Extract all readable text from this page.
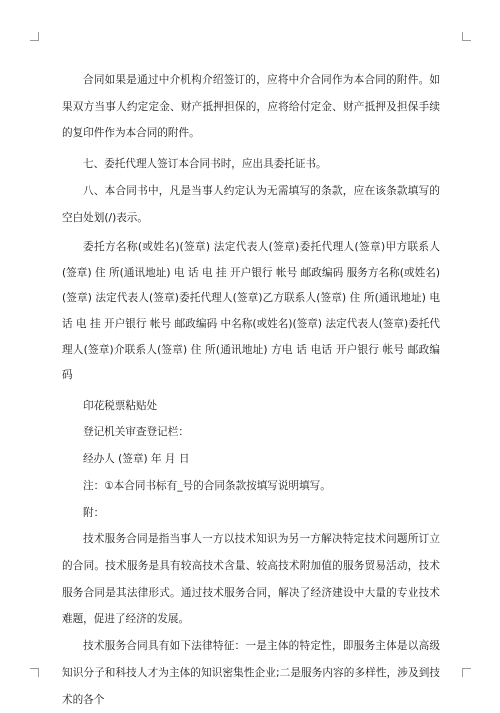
合同如果是通过中介机构介绍签订的，应将中介合同作为本合同的附件。如果双方当事人约定定金、财产抵押担保的，应将给付定金、财产抵押及担保手续的复印件作为本合同的附件。

七、委托代理人签订本合同书时，应出具委托证书。

八、本合同书中，凡是当事人约定认为无需填写的条款，应在该条款填写的空白处划(/)表示。

委托方名称(或姓名)(签章) 法定代表人(签章)委托代理人(签章)甲方联系人(签章) 住 所(通讯地址) 电 话 电 挂 开户银行 帐号 邮政编码 服务方名称(或姓名)(签章) 法定代表人(签章)委托代理人(签章)乙方联系人(签章) 住 所(通讯地址) 电 话 电 挂 开户银行 帐号 邮政编码 中名称(或姓名)(签章) 法定代表人(签章)委托代理人(签章)介联系人(签章) 住 所(通讯地址) 方电 话 电话 开户银行 帐号 邮政编码

印花税票粘贴处

登记机关审查登记栏：

经办人 (签章) 年 月 日

注：①本合同书标有_号的合同条款按填写说明填写。

附：

技术服务合同是指当事人一方以技术知识为另一方解决特定技术问题所订立的合同。技术服务是具有较高技术含量、较高技术附加值的服务贸易活动，技术服务合同是其法律形式。通过技术服务合同，解决了经济建设中大量的专业技术难题，促进了经济的发展。

技术服务合同具有如下法律特征：一是主体的特定性，即服务主体是以高级知识分子和科技人才为主体的知识密集性企业;二是服务内容的多样性，涉及到技术的各个
